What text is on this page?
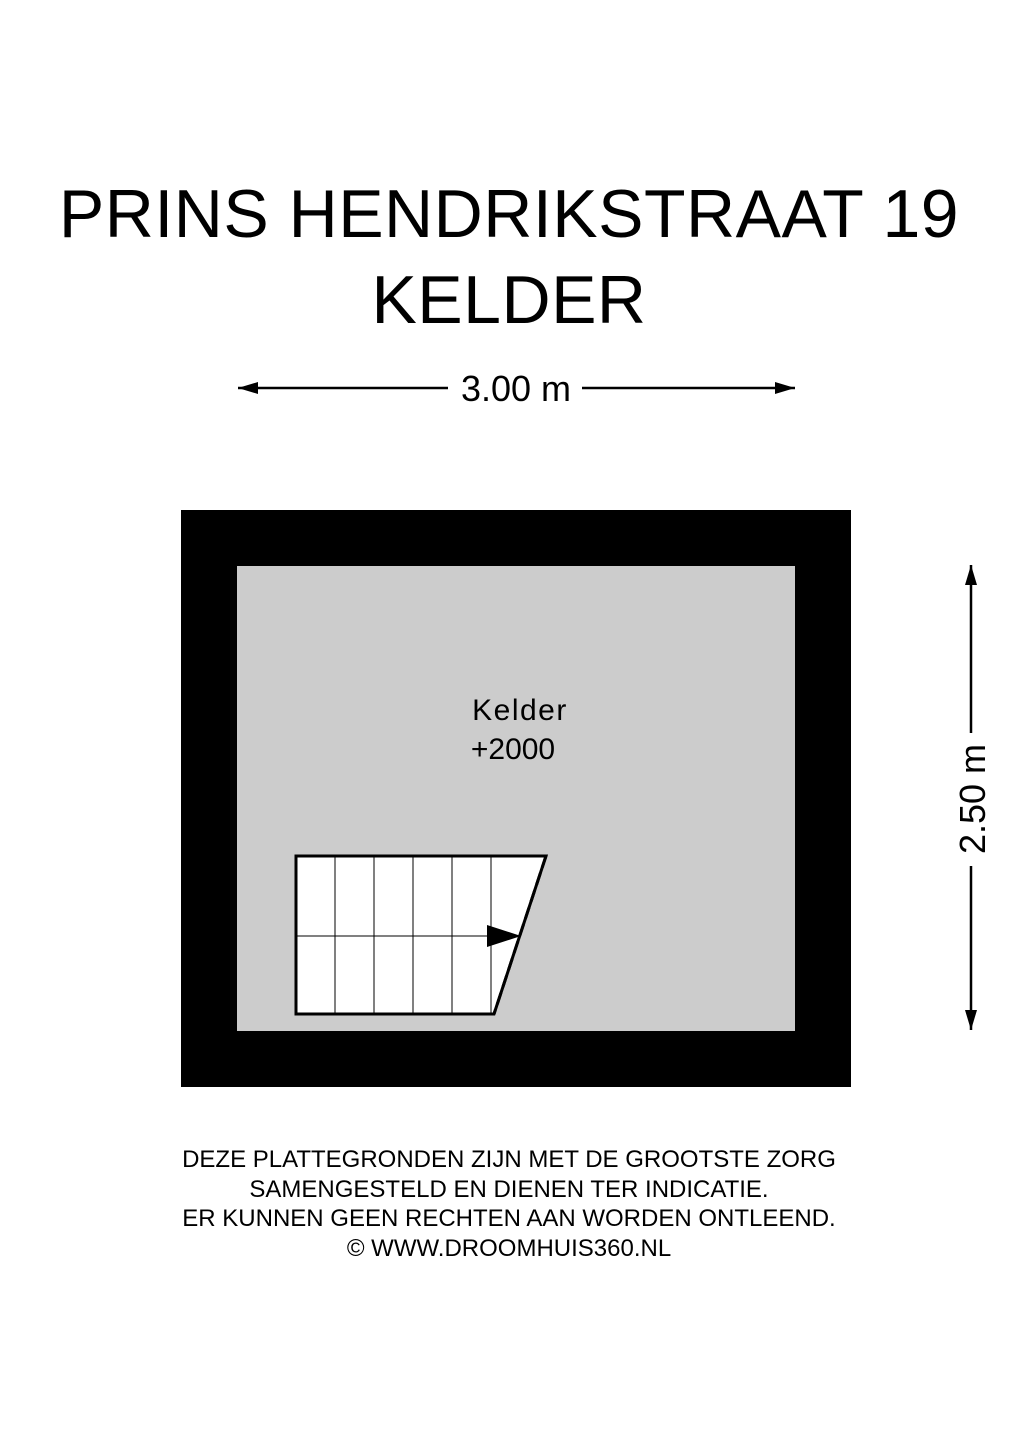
PRINS HENDRIKSTRAAT 19
KELDER
3.00 m
2.50 m
Kelder
+2000
DEZE PLATTEGRONDEN ZIJN MET DE GROOTSTE ZORG
SAMENGESTELD EN DIENEN TER INDICATIE.
ER KUNNEN GEEN RECHTEN AAN WORDEN ONTLEEND.
© WWW.DROOMHUIS360.NL
